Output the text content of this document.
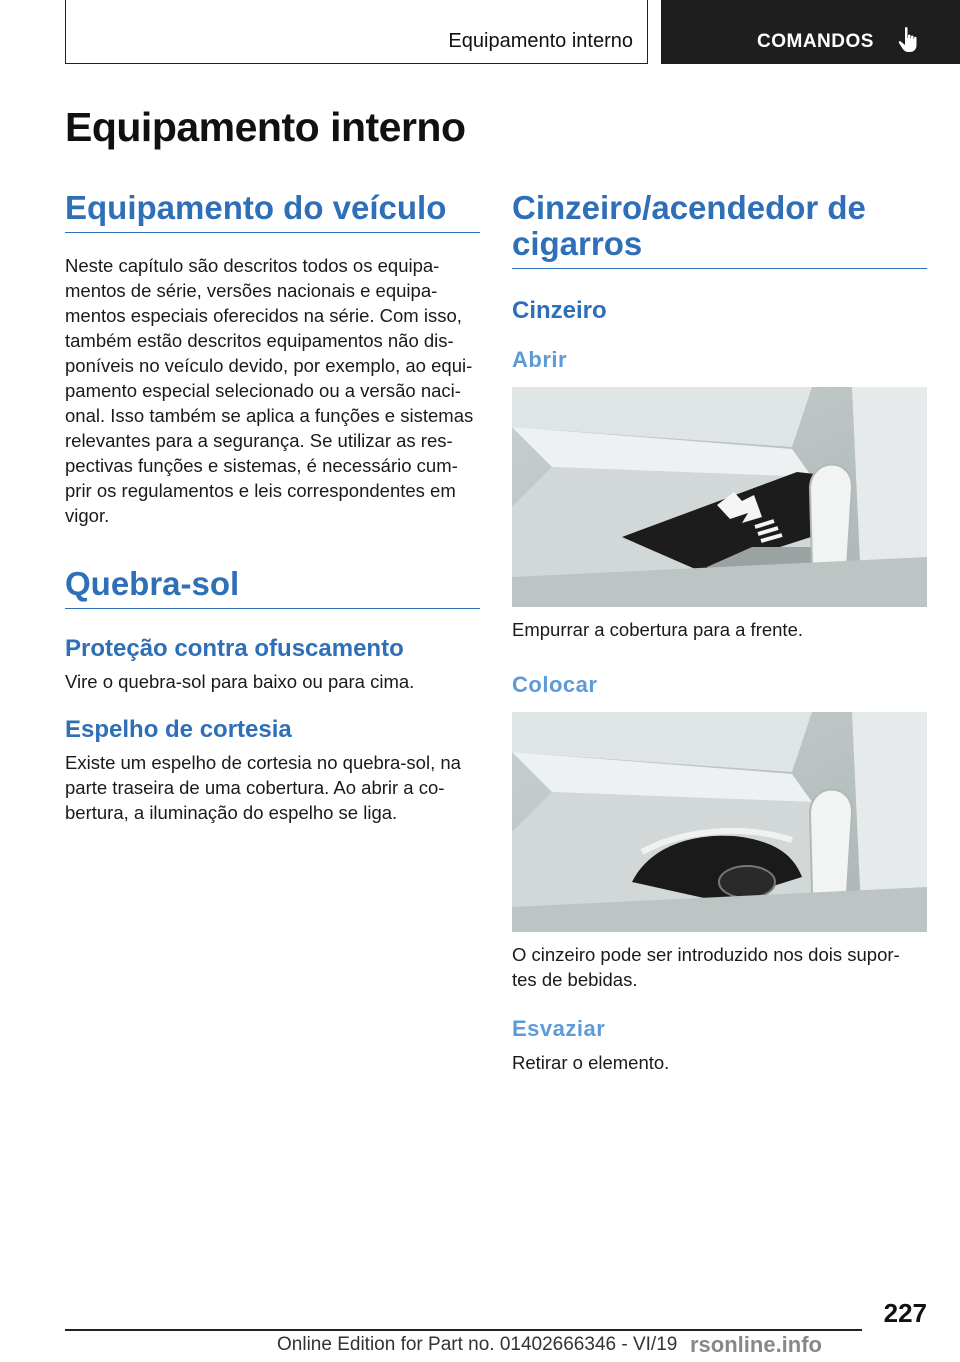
Equipamento interno	COMANDOS
Equipamento interno
Equipamento do veículo

Neste capítulo são descritos todos os equipa-

mentos de série, versões nacionais e equipa-

mentos especiais oferecidos na série. Com isso,

também estão descritos equipamentos não dis-

poníveis no veículo devido, por exemplo, ao equi-

pamento especial selecionado ou a versão naci-

onal. Isso também se aplica a funções e sistemas

relevantes para a segurança. Se utilizar as res-

pectivas funções e sistemas, é necessário cum-

prir os regulamentos e leis correspondentes em

vigor.

Quebra-sol
Proteção contra ofuscamento

Vire o quebra-sol para baixo ou para cima.

Espelho de cortesia

Existe um espelho de cortesia no quebra-sol, na

parte traseira de uma cobertura. Ao abrir a co-

bertura, a iluminação do espelho se liga.

Cinzeiro/acendedor de
cigarros
Cinzeiro
Abrir

Empurrar a cobertura para a frente.

Colocar

O cinzeiro pode ser introduzido nos dois supor-

tes de bebidas.

Esvaziar

Retirar o elemento.

227
Online Edition for Part no. 01402666346 - VI/19 rsonline.info
